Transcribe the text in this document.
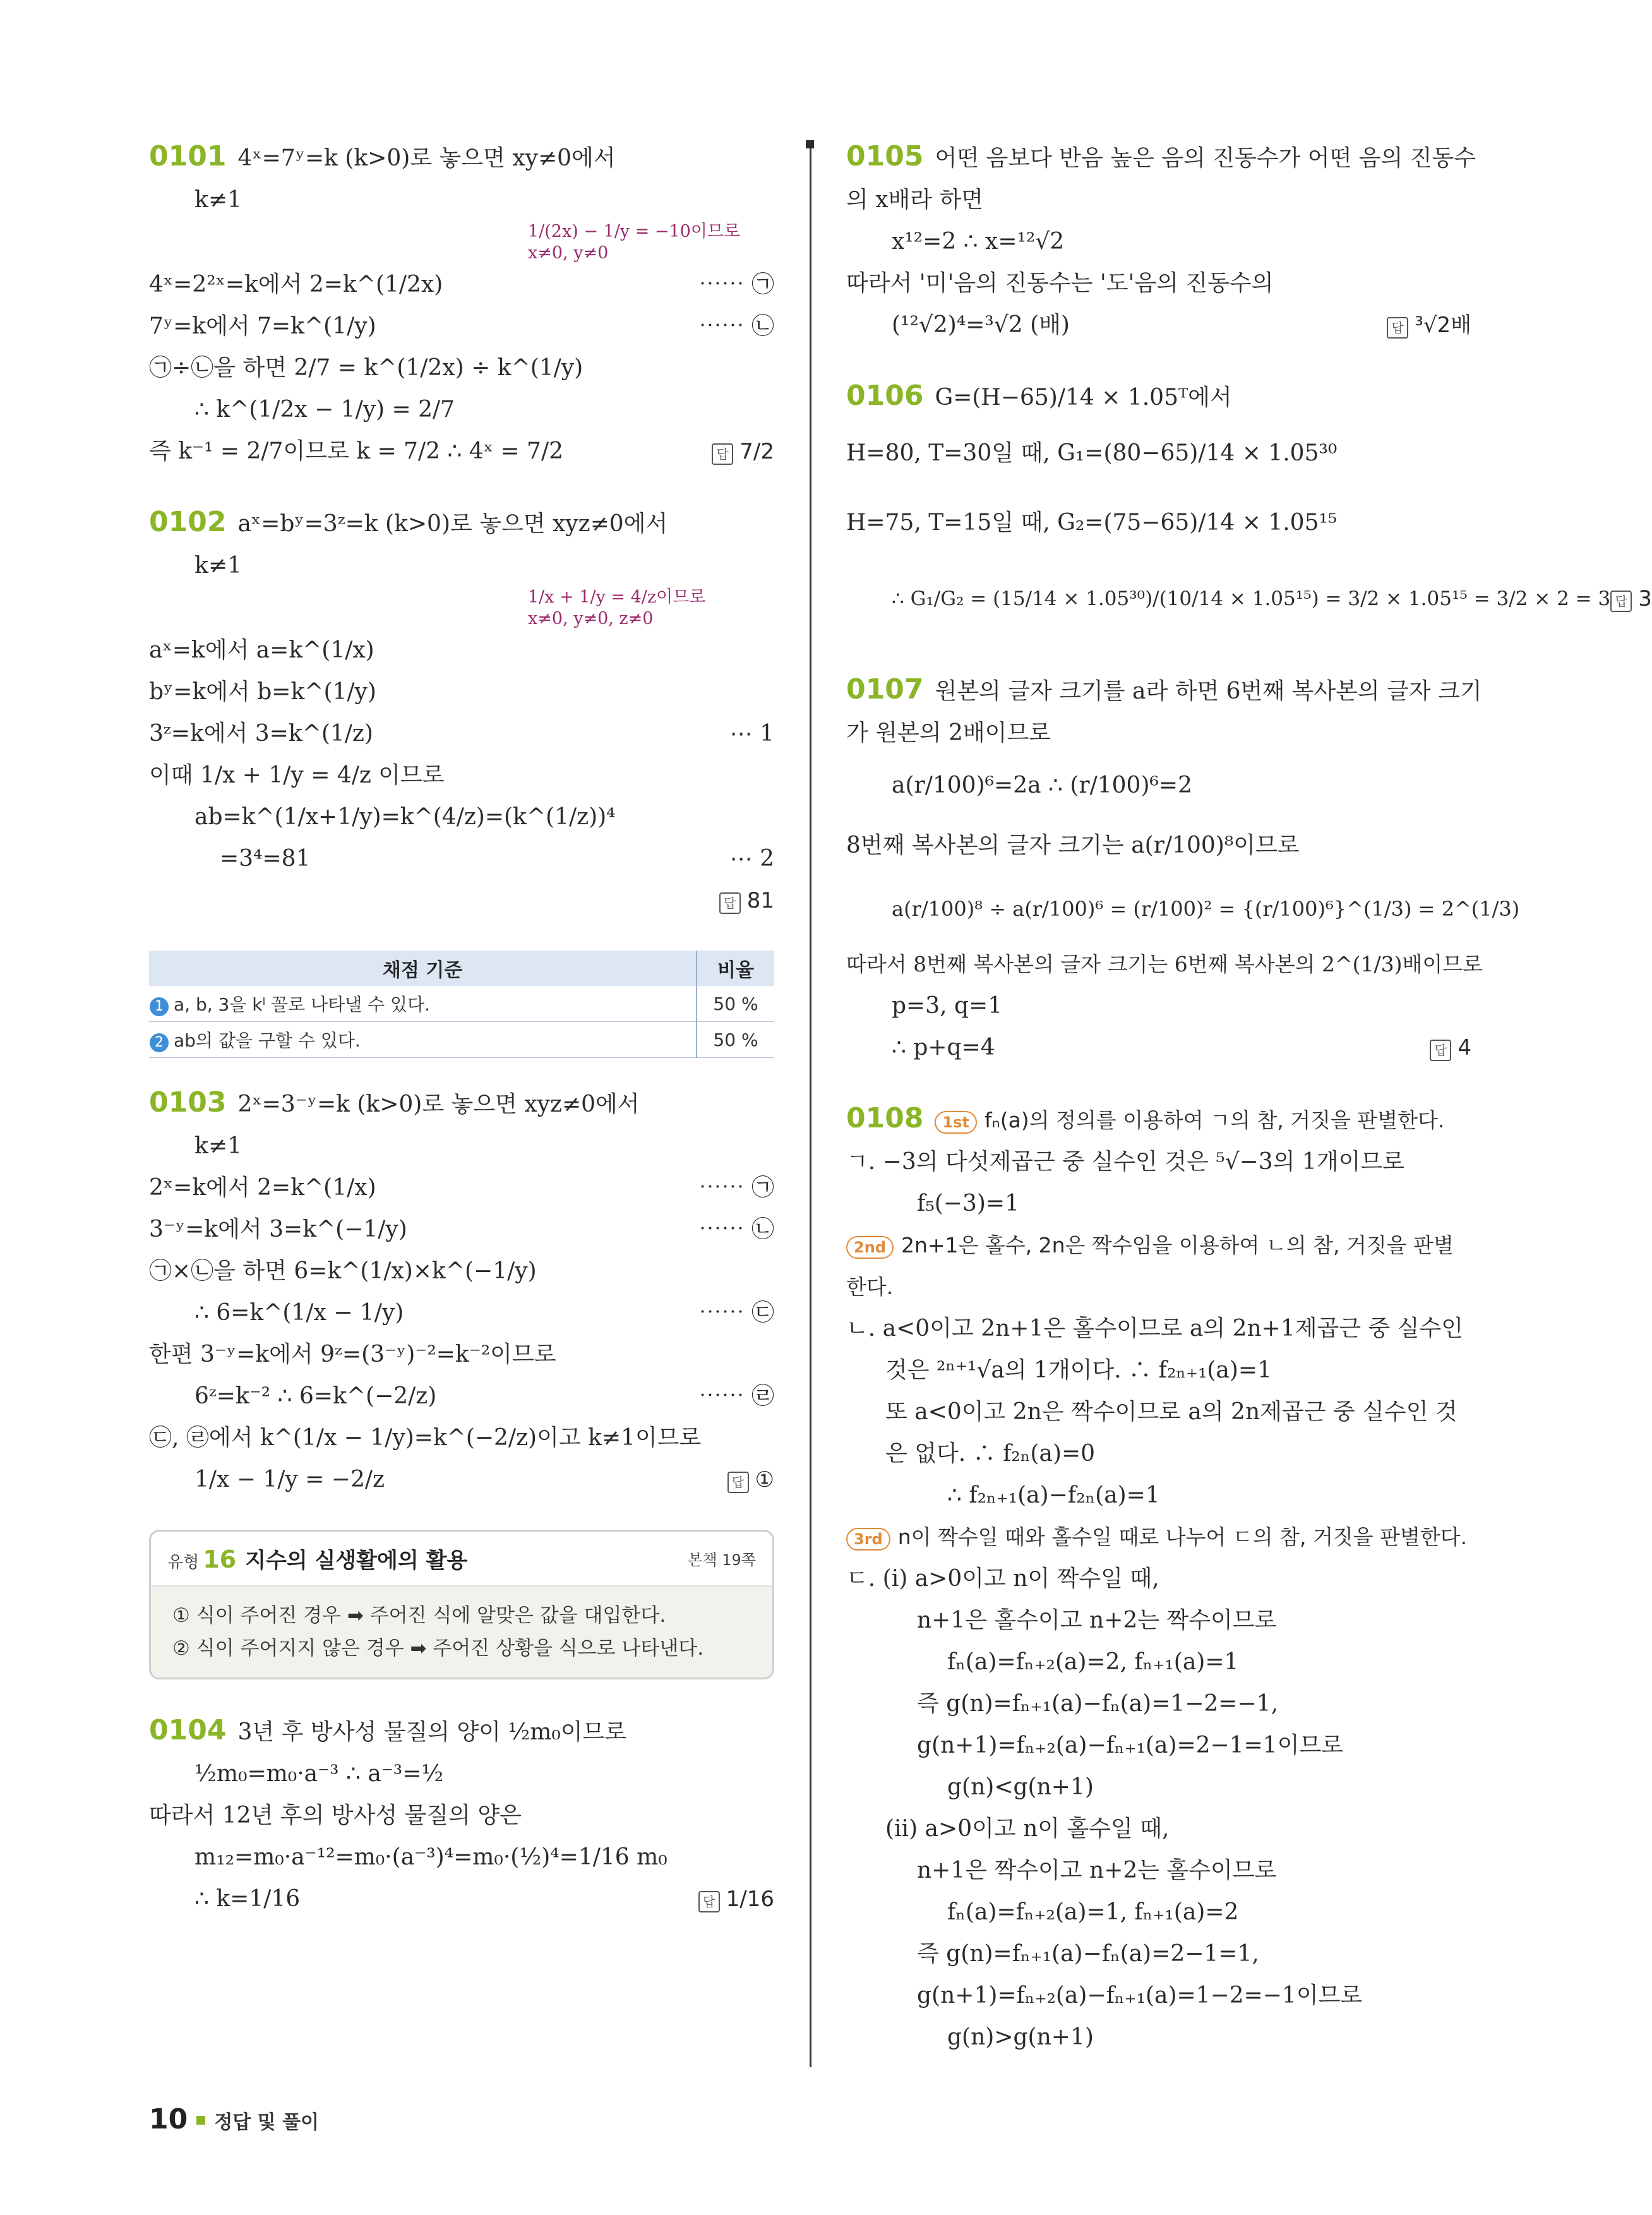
0101 4ˣ=7ʸ=k (k>0)로 놓으면 xy≠0에서
k≠1
1/(2x) − 1/y = −10이므로
x≠0, y≠0
4ˣ=2²ˣ=k에서 2=k^(1/2x)	⋯⋯ ㉠
7ʸ=k에서 7=k^(1/y)	⋯⋯ ㉡
㉠÷㉡을 하면 2/7 = k^(1/2x) ÷ k^(1/y)
∴ k^(1/2x − 1/y) = 2/7
즉 k⁻¹ = 2/7이므로 k = 7/2 ∴ 4ˣ = 7/2	답 7/2
0102 aˣ=bʸ=3ᶻ=k (k>0)로 놓으면 xyz≠0에서
k≠1
1/x + 1/y = 4/z이므로
x≠0, y≠0, z≠0
aˣ=k에서 a=k^(1/x)
bʸ=k에서 b=k^(1/y)
3ᶻ=k에서 3=k^(1/z)	⋯ 1
이때 1/x + 1/y = 4/z 이므로
ab=k^(1/x+1/y)=k^(4/z)=(k^(1/z))⁴
=3⁴=81	⋯ 2
답 81
채점 기준	비율
1 a, b, 3을 kˡ 꼴로 나타낼 수 있다.	50 %
2 ab의 값을 구할 수 있다.	50 %
0103 2ˣ=3⁻ʸ=k (k>0)로 놓으면 xyz≠0에서
k≠1
2ˣ=k에서 2=k^(1/x)	⋯⋯ ㉠
3⁻ʸ=k에서 3=k^(−1/y)	⋯⋯ ㉡
㉠×㉡을 하면 6=k^(1/x)×k^(−1/y)
∴ 6=k^(1/x − 1/y)	⋯⋯ ㉢
한편 3⁻ʸ=k에서 9ᶻ=(3⁻ʸ)⁻²=k⁻²이므로
6ᶻ=k⁻² ∴ 6=k^(−2/z)	⋯⋯ ㉣
㉢, ㉣에서 k^(1/x − 1/y)=k^(−2/z)이고 k≠1이므로
1/x − 1/y = −2/z	답 ①
유형 16 지수의 실생활에의 활용	본책 19쪽
① 식이 주어진 경우 ➡ 주어진 식에 알맞은 값을 대입한다.
② 식이 주어지지 않은 경우 ➡ 주어진 상황을 식으로 나타낸다.
0104 3년 후 방사성 물질의 양이 ½m₀이므로
½m₀=m₀·a⁻³ ∴ a⁻³=½
따라서 12년 후의 방사성 물질의 양은
m₁₂=m₀·a⁻¹²=m₀·(a⁻³)⁴=m₀·(½)⁴=1/16 m₀
∴ k=1/16	답 1/16
0105 어떤 음보다 반음 높은 음의 진동수가 어떤 음의 진동수
의 x배라 하면
x¹²=2 ∴ x=¹²√2
따라서 '미'음의 진동수는 '도'음의 진동수의
(¹²√2)⁴=³√2 (배)	답 ³√2배
0106 G=(H−65)/14 × 1.05ᵀ에서
H=80, T=30일 때, G₁=(80−65)/14 × 1.05³⁰
H=75, T=15일 때, G₂=(75−65)/14 × 1.05¹⁵
∴ G₁/G₂ = (15/14 × 1.05³⁰)/(10/14 × 1.05¹⁵) = 3/2 × 1.05¹⁵ = 3/2 × 2 = 3 답 3
0107 원본의 글자 크기를 a라 하면 6번째 복사본의 글자 크기
가 원본의 2배이므로
a(r/100)⁶=2a ∴ (r/100)⁶=2
8번째 복사본의 글자 크기는 a(r/100)⁸이므로
a(r/100)⁸ ÷ a(r/100)⁶ = (r/100)² = {(r/100)⁶}^(1/3) = 2^(1/3)
따라서 8번째 복사본의 글자 크기는 6번째 복사본의 2^(1/3)배이므로
p=3, q=1
∴ p+q=4	답 4
0108 1st fₙ(a)의 정의를 이용하여 ㄱ의 참, 거짓을 판별한다.
ㄱ. −3의 다섯제곱근 중 실수인 것은 ⁵√−3의 1개이므로
f₅(−3)=1
2nd 2n+1은 홀수, 2n은 짝수임을 이용하여 ㄴ의 참, 거짓을 판별
한다.
ㄴ. a<0이고 2n+1은 홀수이므로 a의 2n+1제곱근 중 실수인
것은 ²ⁿ⁺¹√a의 1개이다. ∴ f₂ₙ₊₁(a)=1
또 a<0이고 2n은 짝수이므로 a의 2n제곱근 중 실수인 것
은 없다. ∴ f₂ₙ(a)=0
∴ f₂ₙ₊₁(a)−f₂ₙ(a)=1
3rd n이 짝수일 때와 홀수일 때로 나누어 ㄷ의 참, 거짓을 판별한다.
ㄷ. (ⅰ) a>0이고 n이 짝수일 때,
n+1은 홀수이고 n+2는 짝수이므로
fₙ(a)=fₙ₊₂(a)=2, fₙ₊₁(a)=1
즉 g(n)=fₙ₊₁(a)−fₙ(a)=1−2=−1,
g(n+1)=fₙ₊₂(a)−fₙ₊₁(a)=2−1=1이므로
g(n)<g(n+1)
(ⅱ) a>0이고 n이 홀수일 때,
n+1은 짝수이고 n+2는 홀수이므로
fₙ(a)=fₙ₊₂(a)=1, fₙ₊₁(a)=2
즉 g(n)=fₙ₊₁(a)−fₙ(a)=2−1=1,
g(n+1)=fₙ₊₂(a)−fₙ₊₁(a)=1−2=−1이므로
g(n)>g(n+1)
10 정답 및 풀이
